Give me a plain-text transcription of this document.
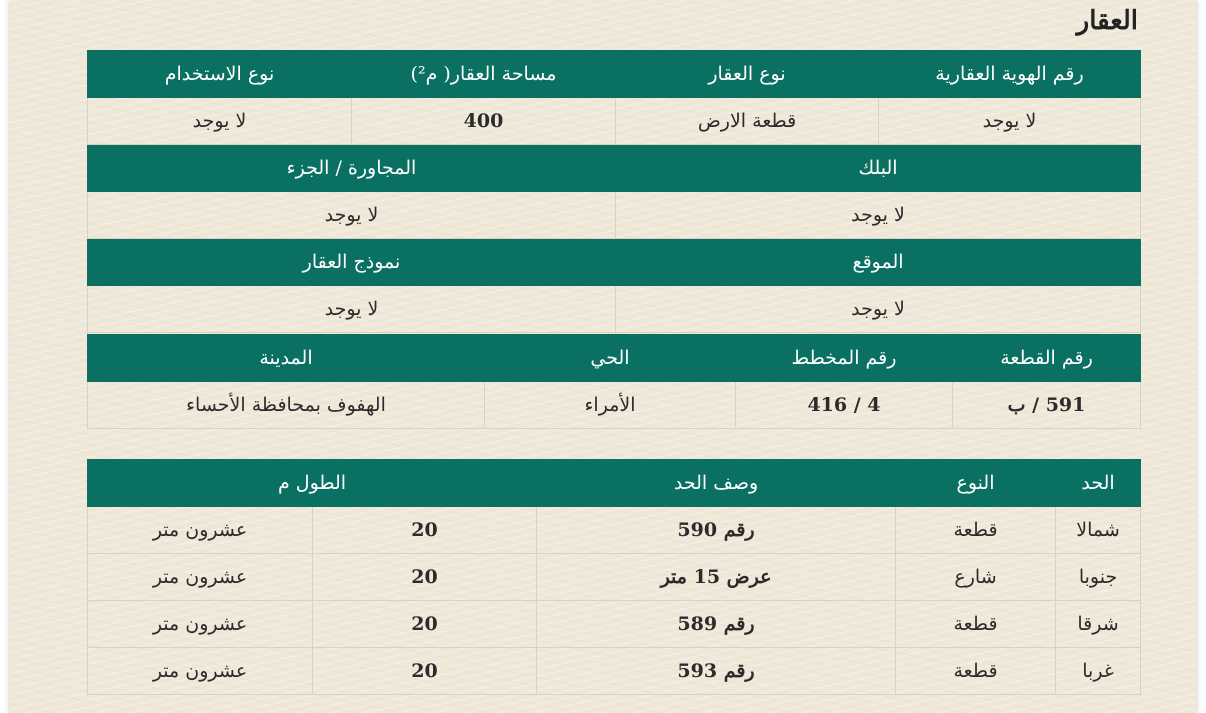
العقار
رقم الهوية العقارية	نوع العقار	مساحة العقار( م²)	نوع الاستخدام
لا يوجد	قطعة الارض	400	لا يوجد
البلك		المجاورة / الجزء	
لا يوجد		لا يوجد	
الموقع		نموذج العقار	
لا يوجد		لا يوجد	
رقم القطعة	رقم المخطط	الحي	المدينة
591 / ب	4 / 416	الأمراء	الهفوف بمحافظة الأحساء
الحد	النوع	وصف الحد	الطول م	
شمالا	قطعة	رقم 590	20	عشرون متر
جنوبا	شارع	عرض 15 متر	20	عشرون متر
شرقا	قطعة	رقم 589	20	عشرون متر
غربا	قطعة	رقم 593	20	عشرون متر
